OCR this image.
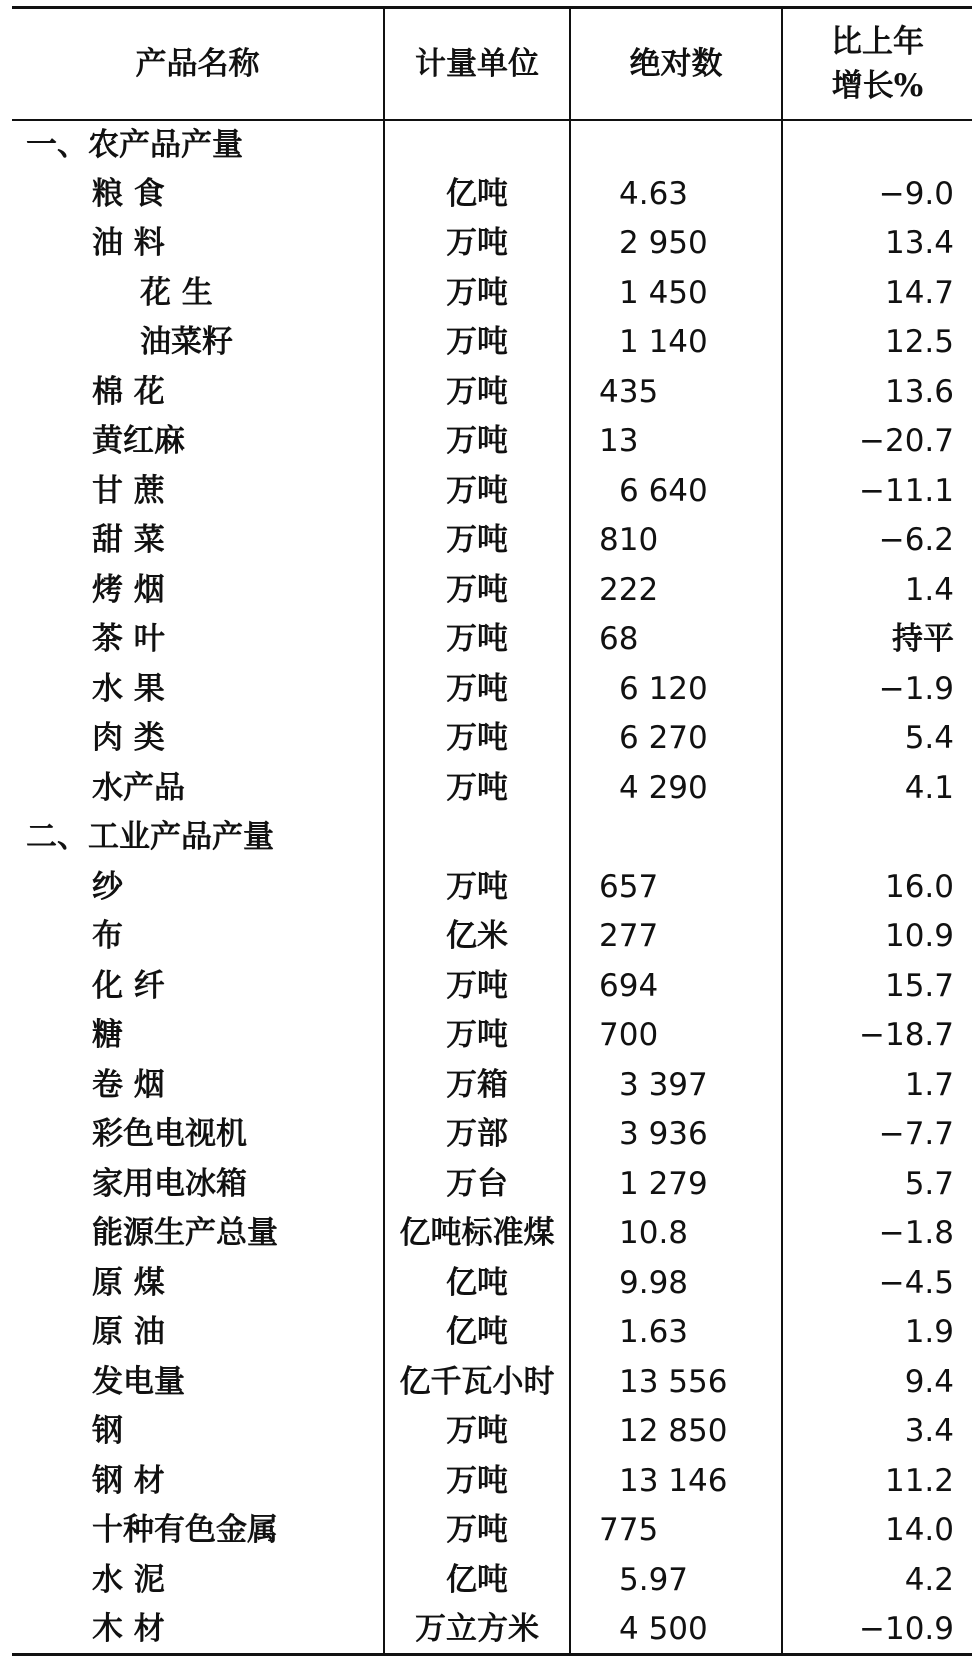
产品名称	计量单位	绝对数	比上年
增长%

一、农产品产量			
粮 食	亿吨	4.63	−9.0
油 料	万吨	2 950	13.4
花 生	万吨	1 450	14.7
油菜籽	万吨	1 140	12.5
棉 花	万吨	435	13.6
黄红麻	万吨	13	−20.7
甘 蔗	万吨	6 640	−11.1
甜 菜	万吨	810	−6.2
烤 烟	万吨	222	1.4
茶 叶	万吨	68	持平
水 果	万吨	6 120	−1.9
肉 类	万吨	6 270	5.4
水产品	万吨	4 290	4.1
二、工业产品产量			
纱	万吨	657	16.0
布	亿米	277	10.9
化 纤	万吨	694	15.7
糖	万吨	700	−18.7
卷 烟	万箱	3 397	1.7
彩色电视机	万部	3 936	−7.7
家用电冰箱	万台	1 279	5.7
能源生产总量	亿吨标准煤	10.8	−1.8
原 煤	亿吨	9.98	−4.5
原 油	亿吨	1.63	1.9
发电量	亿千瓦小时	13 556	9.4
钢	万吨	12 850	3.4
钢 材	万吨	13 146	11.2
十种有色金属	万吨	775	14.0
水 泥	亿吨	5.97	4.2
木 材	万立方米	4 500	−10.9
